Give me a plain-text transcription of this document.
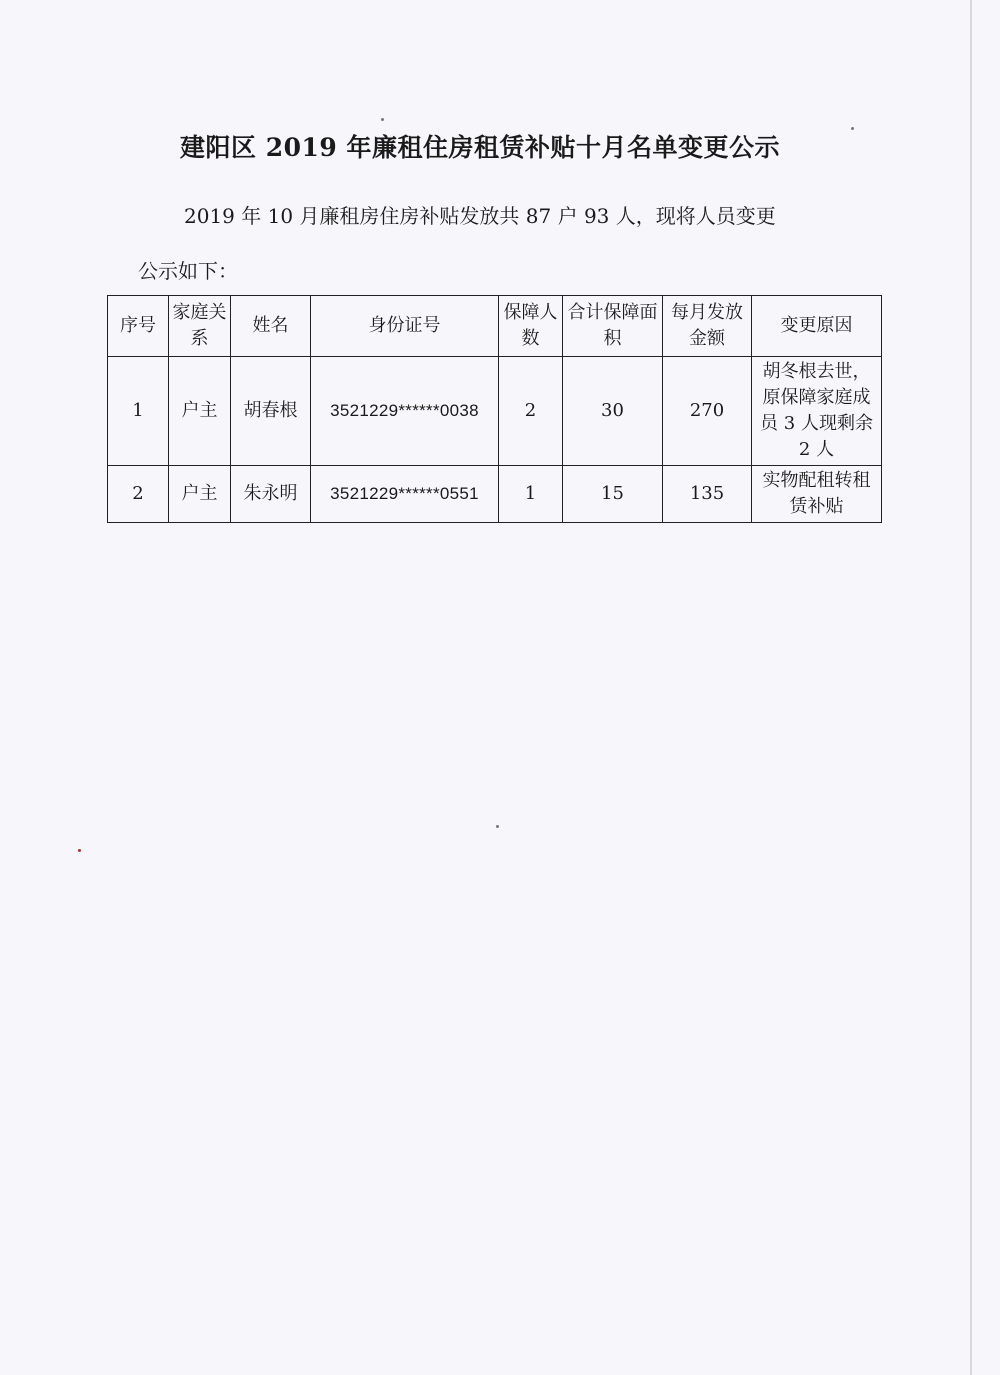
建阳区 2019 年廉租住房租赁补贴十月名单变更公示
2019 年 10 月廉租房住房补贴发放共 87 户 93 人，现将人员变更
公示如下：
序号	家庭关系	姓名	身份证号	保障人数	合计保障面积	每月发放金额	变更原因
1	户主	胡春根	3521229******0038	2	30	270	胡冬根去世，原保障家庭成员 3 人现剩余 2 人
2	户主	朱永明	3521229******0551	1	15	135	实物配租转租赁补贴
